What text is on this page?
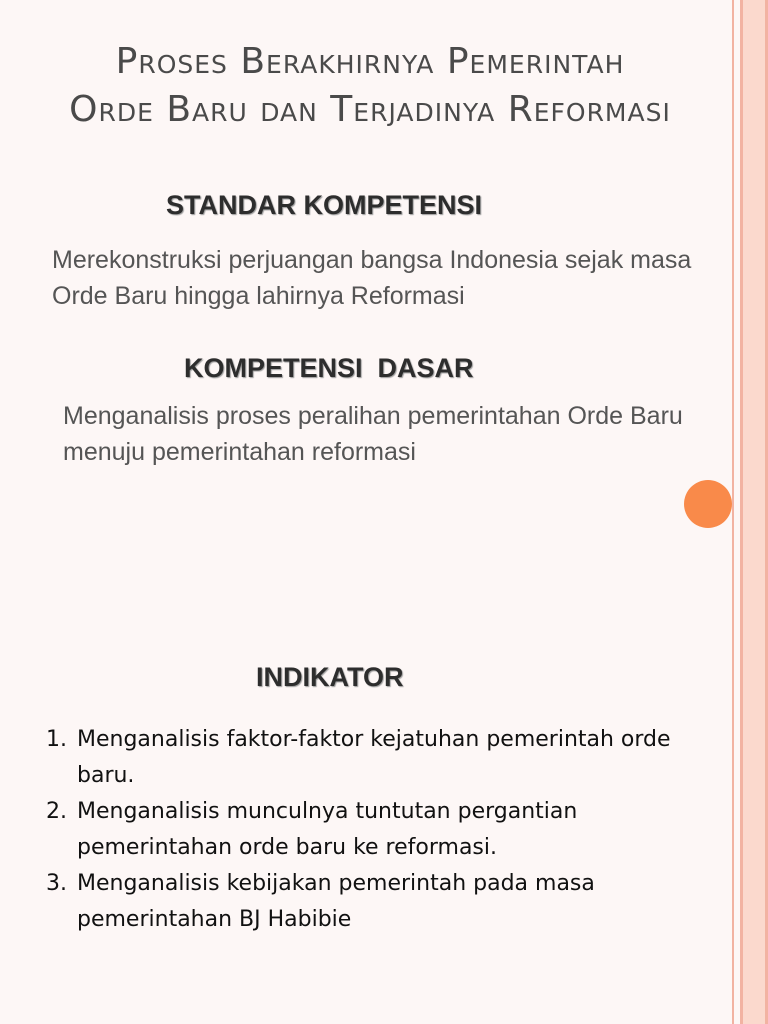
Proses Berakhirnya Pemerintah
Orde Baru dan Terjadinya Reformasi
STANDAR KOMPETENSI

Merekonstruksi perjuangan bangsa Indonesia sejak masa Orde Baru hingga lahirnya Reformasi

KOMPETENSI  DASAR

Menganalisis proses peralihan pemerintahan Orde Baru menuju pemerintahan reformasi

INDIKATOR
1. Menganalisis faktor-faktor kejatuhan pemerintah orde baru.
2. Menganalisis munculnya tuntutan pergantian pemerintahan orde baru ke reformasi.
3. Menganalisis kebijakan pemerintah pada masa pemerintahan BJ Habibie
